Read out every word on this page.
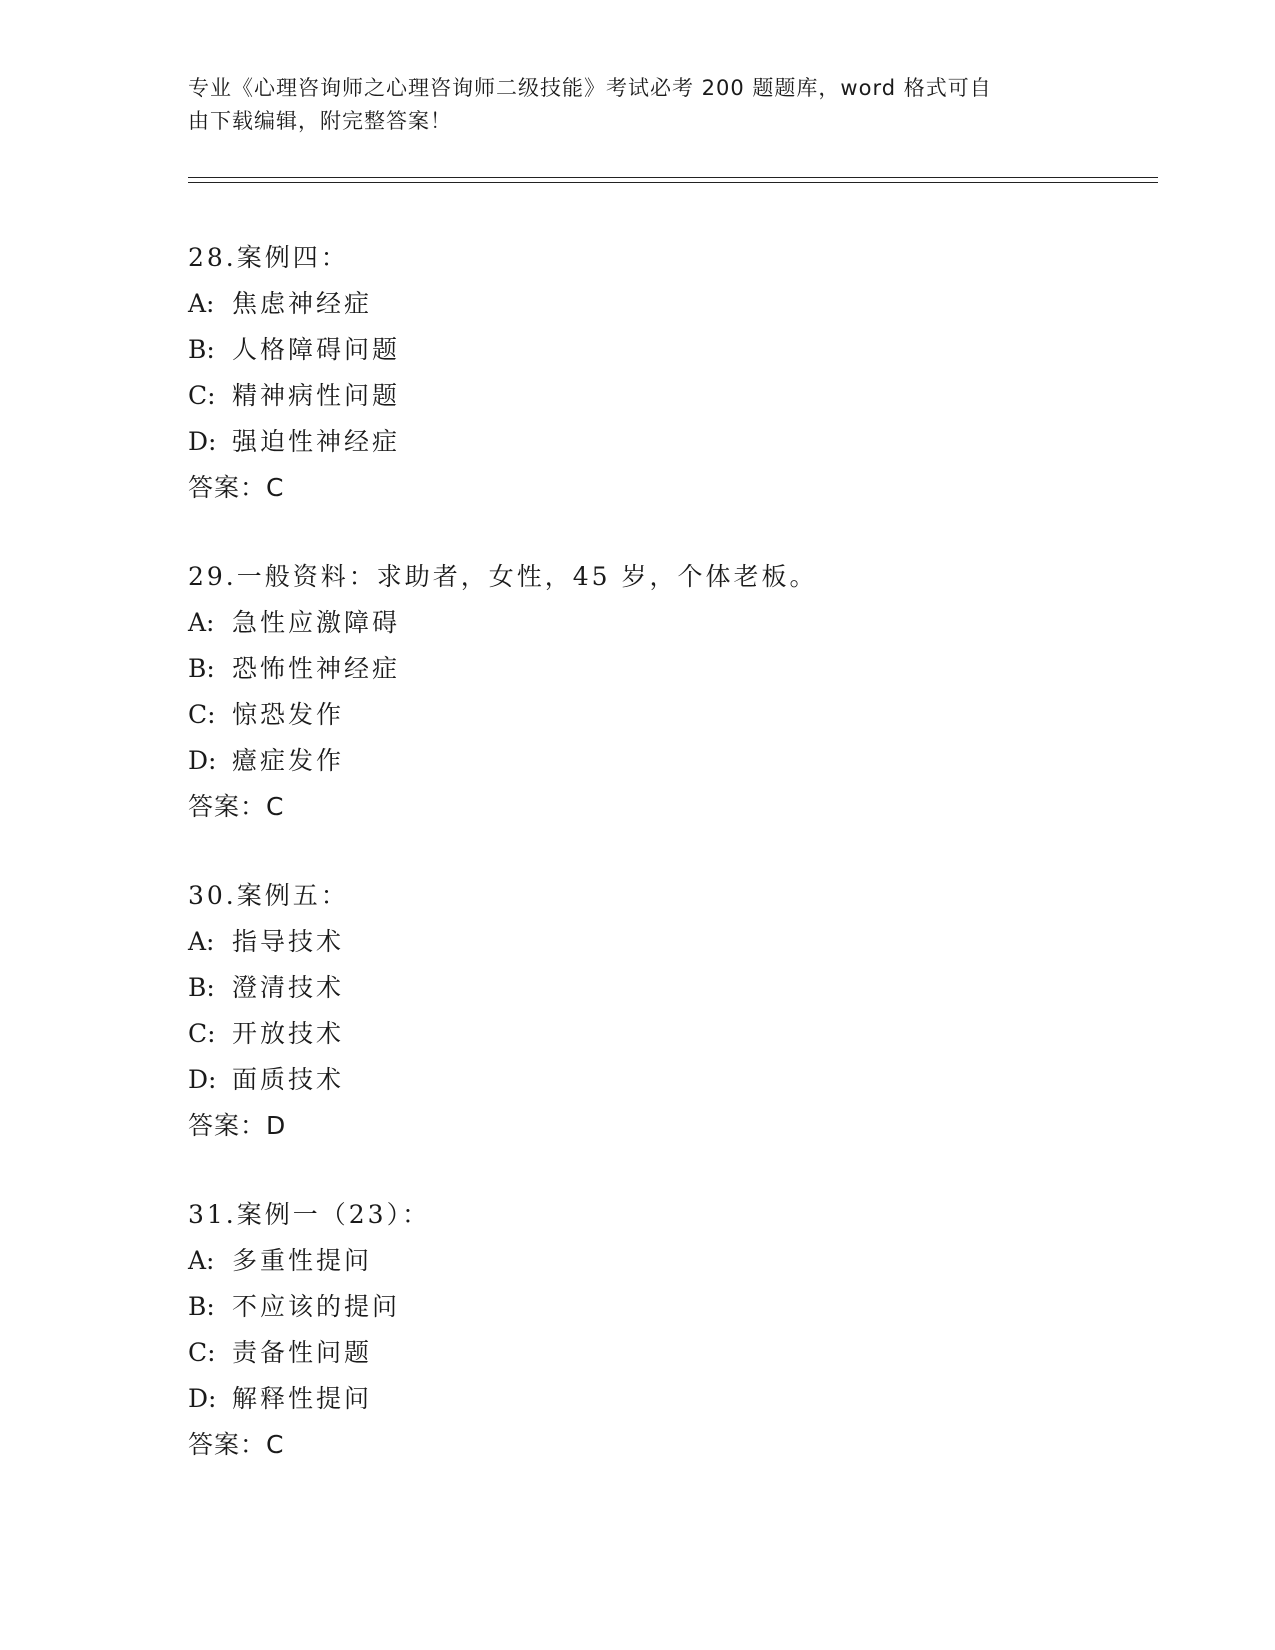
专业《心理咨询师之心理咨询师二级技能》考试必考 200 题题库，word 格式可自
由下载编辑，附完整答案！
28.案例四：
A: 焦虑神经症
B: 人格障碍问题
C: 精神病性问题
D: 强迫性神经症
答案：C
29.一般资料：求助者，女性，45 岁，个体老板。
A: 急性应激障碍
B: 恐怖性神经症
C: 惊恐发作
D: 癔症发作
答案：C
30.案例五：
A: 指导技术
B: 澄清技术
C: 开放技术
D: 面质技术
答案：D
31.案例一（23）：
A: 多重性提问
B: 不应该的提问
C: 责备性问题
D: 解释性提问
答案：C
